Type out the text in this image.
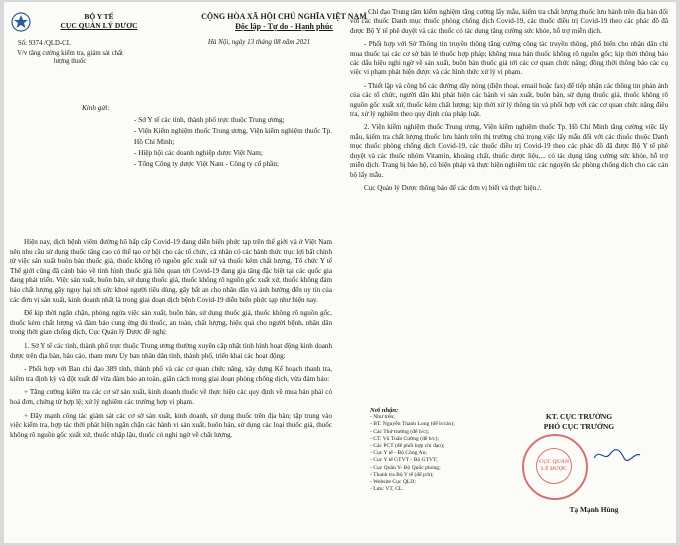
BỘ Y TẾ
CỤC QUẢN LÝ DƯỢC
CỘNG HÒA XÃ HỘI CHỦ NGHĨA VIỆT NAM
Độc lập - Tự do - Hạnh phúc
Số: 9374 /QLD-CL
V/v tăng cường kiểm tra, giám sát chất lượng thuốc
Hà Nội, ngày 13 tháng 08 năm 2021
Kính gửi:
- Sở Y tế các tỉnh, thành phố trực thuộc Trung ương;
- Viện Kiểm nghiệm thuốc Trung ương, Viện kiểm nghiệm thuốc Tp. Hồ Chí Minh;
- Hiệp hội các doanh nghiệp dược Việt Nam;
- Tổng Công ty dược Việt Nam - Công ty cổ phần;

Hiện nay, dịch bệnh viêm đường hô hấp cấp Covid-19 đang diễn biến phức tạp trên thế giới và ở Việt Nam nên nhu cầu sử dụng thuốc tăng cao có thể tạo cơ hội cho các tổ chức, cá nhân có các hành thức trục lợi bất chính từ việc sản xuất buôn bán thuốc giả, thuốc không rõ nguồn gốc xuất xứ và thuốc kém chất lượng. Tổ chức Y tế Thế giới cũng đã cảnh báo về tình hình thuốc giả liên quan tới Covid-19 đang gia tăng đặc biệt tại các quốc gia đang phát triển. Việc sản xuất, buôn bán, sử dụng thuốc giả, thuốc không rõ nguồn gốc xuất xứ, thuốc không đảm bảo chất lượng gây nguy hại tới sức khoẻ người tiêu dùng, gây bất an cho nhân dân và ảnh hưởng đến uy tín của các đơn vị sản xuất, kinh doanh nhất là trong giai đoạn dịch bệnh Covid-19 diễn biến phức tạp như hiện nay.

Để kịp thời ngăn chặn, phòng ngừa việc sản xuất, buôn bán, sử dụng thuốc giả, thuốc không rõ nguồn gốc, thuốc kém chất lượng và đảm bảo cung ứng đủ thuốc, an toàn, chất lượng, hiệu quả cho người bệnh, nhân dân trong thời gian chống dịch, Cục Quản lý Dược đề nghị:

1. Sở Y tế các tỉnh, thành phố trực thuộc Trung ương thường xuyên cập nhật tình hình hoạt động kinh doanh dược trên địa bàn, báo cáo, tham mưu Ủy ban nhân dân tỉnh, thành phố, triển khai các hoạt động:

- Phối hợp với Ban chỉ đạo 389 tỉnh, thành phố và các cơ quan chức năng, xây dựng Kế hoạch thanh tra, kiểm tra định kỳ và đột xuất để vừa đảm bảo an toàn, giãn cách trong giai đoạn phòng chống dịch, vừa đảm bảo:

+ Tăng cường kiểm tra các cơ sở sản xuất, kinh doanh thuốc về thực hiện các quy định về mua bán phải có hoá đơn, chứng từ hợp lệ; xử lý nghiêm các trường hợp vi phạm.

+ Đẩy mạnh công tác giám sát các cơ sở sản xuất, kinh doanh, sử dụng thuốc trên địa bàn; tập trung vào việc kiểm tra, hợp tác thời phát hiện ngăn chặn các hành vi sản xuất, buôn bán, sử dụng các loại thuốc giả, thuốc không rõ nguồn gốc xuất xứ, thuốc nhập lậu, thuốc có nghi ngờ về chất lượng.

- Chỉ đạo Trung tâm kiểm nghiệm tăng cường lấy mẫu, kiểm tra chất lượng thuốc lưu hành trên địa bàn đối với các thuốc Danh mục thuốc phòng chống dịch Covid-19, các thuốc điều trị Covid-19 theo các phác đồ đã được Bộ Y tế phê duyệt và các thuốc có tác dụng tăng cường sức khỏe, hỗ trợ miễn dịch.

- Phối hợp với Sở Thông tin truyền thông tăng cường công tác truyền thông, phổ biến cho nhân dân chỉ mua thuốc tại các cơ sở bán lẻ thuốc hợp pháp; không mua bán thuốc không rõ nguồn gốc; kịp thời thông báo các dấu hiệu nghi ngờ về sản xuất, buôn bán thuốc giả tới các cơ quan chức năng; đồng thời thông báo các cụ việc vi phạm phát hiện được và các hình thức xử lý vi phạm.

- Thiết lập và công bố các đường dây nóng (điện thoại, email hoặc fax) để tiếp nhận các thông tin phản ánh của các tổ chức, người dân khi phát hiện các hành vi sản xuất, buôn bán, sử dụng thuốc giả, thuốc không rõ nguồn gốc xuất xứ, thuốc kém chất lượng; kịp thời xử lý thông tin và phối hợp với các cơ quan chức năng điều tra, xử lý nghiêm theo quy định của pháp luật.

2. Viện kiểm nghiệm thuốc Trung ương, Viện kiểm nghiệm thuốc Tp. Hồ Chí Minh tăng cường việc lấy mẫu, kiểm tra chất lượng thuốc lưu hành trên thị trường chủ trọng việc lấy mẫu đối với các thuốc thuộc Danh mục thuốc phòng chống dịch Covid-19, các thuốc điều trị Covid-19 theo các phác đồ đã được Bộ Y tế phê duyệt và các thuốc nhóm Vitamin, khoáng chất, thuốc dược liệu,... có tác dụng tăng cường sức khỏe, hỗ trợ miễn dịch. Trang bị bảo hộ, có biện pháp và thực hiện nghiêm túc các nguyên tắc phòng chống dịch cho các cán bộ lấy mẫu.

Cục Quản lý Dược thông báo để các đơn vị biết và thực hiện./.

Nơi nhận:
- Như trên;
- BT. Nguyễn Thanh Long (để b/cáo);
- Các Thứ trưởng (để b/c);
- CT. Vũ Tuấn Cường (để b/c);
- Các PCT (để phối hợp chỉ đạo);
- Cục Y tế - Bộ Công An;
- Cục Y tế GTVT - Bộ GTVT;
- Cục Quân Y- Bộ Quốc phòng;
- Thanh tra Bộ Y tế (để p/h);
- Website Cục QLD;
- Lưu: VT, CL.
KT. CỤC TRƯỞNG
PHÓ CỤC TRƯỞNG
CỤC QUẢN LÝ DƯỢC
Tạ Mạnh Hùng
